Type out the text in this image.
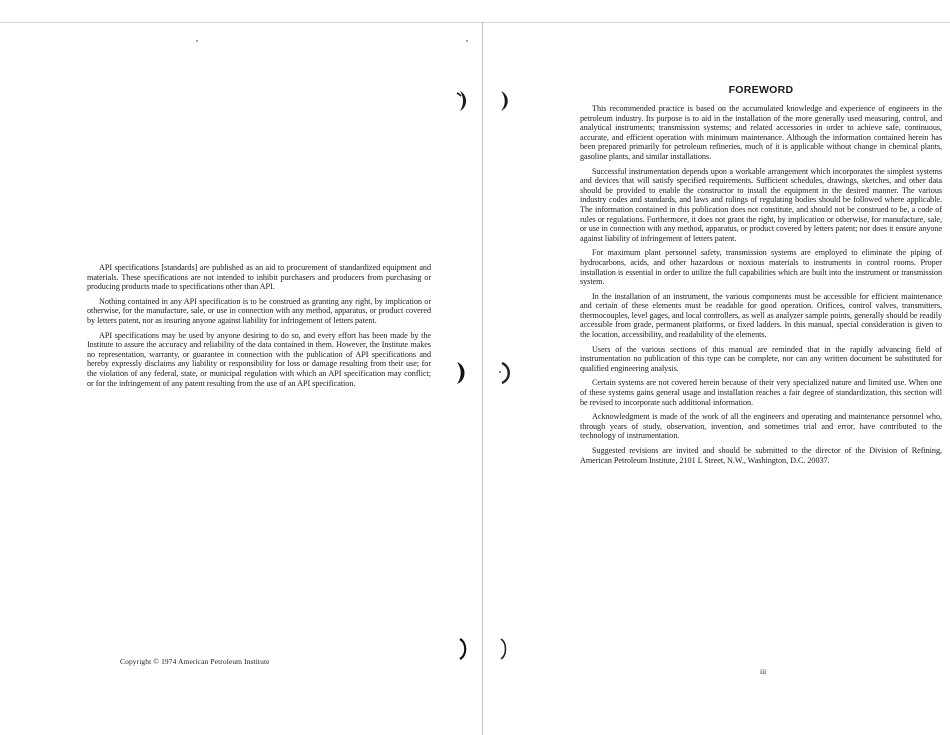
API specifications [standards] are published as an aid to procurement of standardized equipment and materials. These specifications are not intended to inhibit purchasers and producers from purchasing or producing products made to specifications other than API.

Nothing contained in any API specification is to be construed as granting any right, by implication or otherwise, for the manufacture, sale, or use in connection with any method, apparatus, or product covered by letters patent, nor as insuring anyone against liability for infringement of letters patent.

API specifications may be used by anyone desiring to do so, and every effort has been made by the Institute to assure the accuracy and reliability of the data contained in them. However, the Institute makes no representation, warranty, or guarantee in connection with the publication of API specifications and hereby expressly disclaims any liability or responsibility for loss or damage resulting from their use; for the violation of any federal, state, or municipal regulation with which an API specification may conflict; or for the infringement of any patent resulting from the use of an API specification.

Copyright © 1974 American Petroleum Institute
FOREWORD

This recommended practice is based on the accumulated knowledge and experience of engineers in the petroleum industry. Its purpose is to aid in the installation of the more generally used measuring, control, and analytical instruments; transmission systems; and related accessories in order to achieve safe, continuous, accurate, and efficient operation with minimum maintenance. Although the information contained herein has been prepared primarily for petroleum refineries, much of it is applicable without change in chemical plants, gasoline plants, and similar installations.

Successful instrumentation depends upon a workable arrangement which incorporates the simplest systems and devices that will satisfy specified requirements. Sufficient schedules, drawings, sketches, and other data should be provided to enable the constructor to install the equipment in the desired manner. The various industry codes and standards, and laws and rulings of regulating bodies should be followed where applicable. The information contained in this publication does not constitute, and should not be construed to be, a code of rules or regulations. Furthermore, it does not grant the right, by implication or otherwise, for manufacture, sale, or use in connection with any method, apparatus, or product covered by letters patent; nor does it ensure anyone against liability of infringement of letters patent.

For maximum plant personnel safety, transmission systems are employed to eliminate the piping of hydrocarbons, acids, and other hazardous or noxious materials to instruments in control rooms. Proper installation is essential in order to utilize the full capabilities which are built into the instrument or transmission system.

In the installation of an instrument, the various components must be accessible for efficient maintenance and certain of these elements must be readable for good operation. Orifices, control valves, transmitters, thermocouples, level gages, and local controllers, as well as analyzer sample points, generally should be readily accessible from grade, permanent platforms, or fixed ladders. In this manual, special consideration is given to the location, accessibility, and readability of the elements.

Users of the various sections of this manual are reminded that in the rapidly advancing field of instrumentation no publication of this type can be complete, nor can any written document be substituted for qualified engineering analysis.

Certain systems are not covered herein because of their very specialized nature and limited use. When one of these systems gains general usage and installation reaches a fair degree of standardization, this section will be revised to incorporate such additional information.

Acknowledgment is made of the work of all the engineers and operating and maintenance personnel who, through years of study, observation, invention, and sometimes trial and error, have contributed to the technology of instrumentation.

Suggested revisions are invited and should be submitted to the director of the Division of Refining, American Petroleum Institute, 2101 L Street, N.W., Washington, D.C. 20037.

iii
